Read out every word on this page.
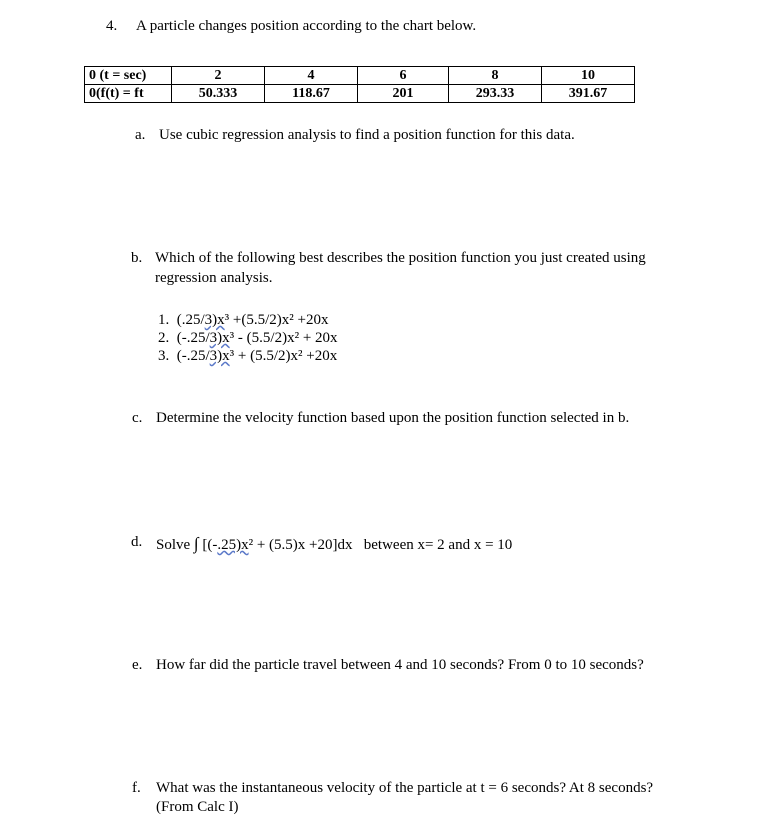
4. A particle changes position according to the chart below.
0 (t = sec)	2	4	6	8	10
0(f(t) = ft	50.333	118.67	201	293.33	391.67
a. Use cubic regression analysis to find a position function for this data.
b. Which of the following best describes the position function you just created using
regression analysis.
1. (.25/3)x³ +(5.5/2)x² +20x
2. (-.25/3)x³ - (5.5/2)x² + 20x
3. (-.25/3)x³ + (5.5/2)x² +20x
c. Determine the velocity function based upon the position function selected in b.
d. Solve ∫ [(-.25)x² + (5.5)x +20]dx between x= 2 and x = 10
e. How far did the particle travel between 4 and 10 seconds? From 0 to 10 seconds?
f. What was the instantaneous velocity of the particle at t = 6 seconds? At 8 seconds?
(From Calc I)
